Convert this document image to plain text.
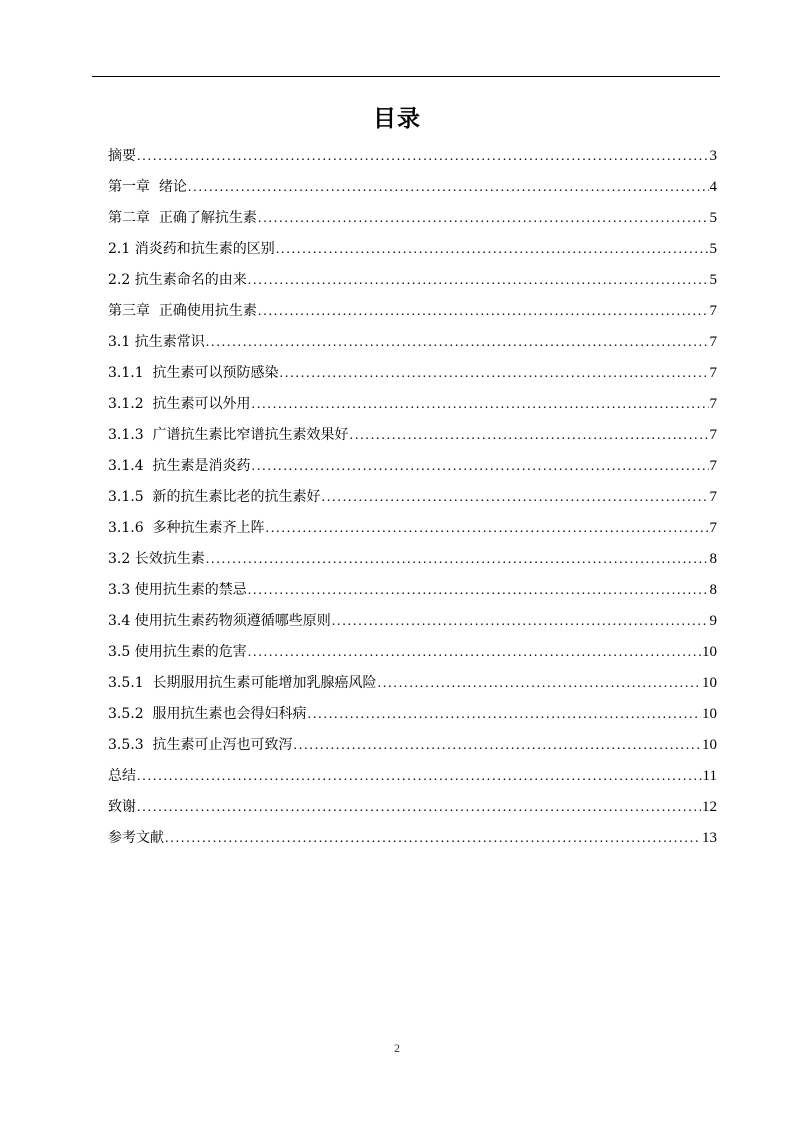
目录
摘要 .....	3
第一章  绪论 .....	4
第二章  正确了解抗生素 .....	5
2.1 消炎药和抗生素的区别 .....	5
2.2 抗生素命名的由来 .....	5
第三章  正确使用抗生素 .....	7
3.1 抗生素常识 .....	7
3.1.1  抗生素可以预防感染 .....	7
3.1.2  抗生素可以外用 .....	7
3.1.3  广谱抗生素比窄谱抗生素效果好 .....	7
3.1.4  抗生素是消炎药 .....	7
3.1.5  新的抗生素比老的抗生素好 .....	7
3.1.6  多种抗生素齐上阵 .....	7
3.2 长效抗生素 .....	8
3.3 使用抗生素的禁忌 .....	8
3.4 使用抗生素药物须遵循哪些原则 .....	9
3.5 使用抗生素的危害 .....	10
3.5.1  长期服用抗生素可能增加乳腺癌风险 .....	10
3.5.2  服用抗生素也会得妇科病 .....	10
3.5.3  抗生素可止泻也可致泻 .....	10
总结 .....	11
致谢 .....	12
参考文献 .....	13
2
